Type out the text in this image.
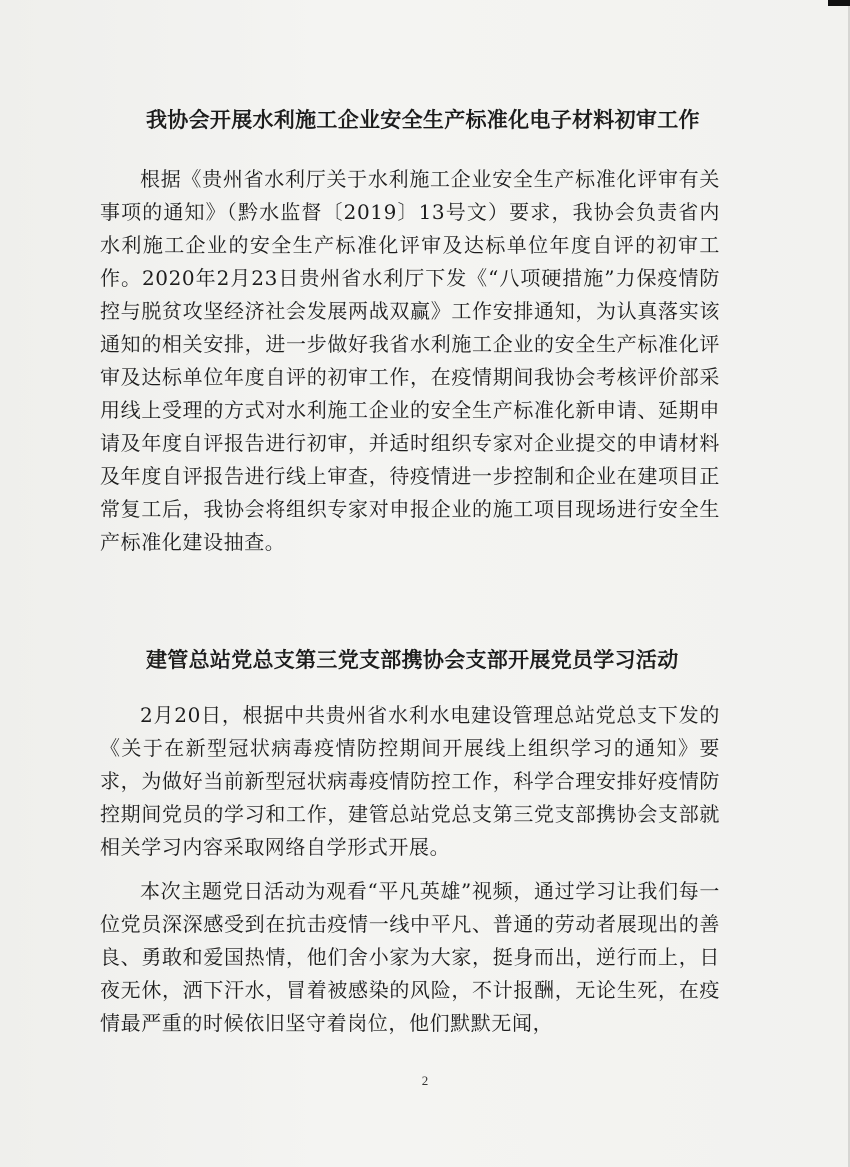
我协会开展水利施工企业安全生产标准化电子材料初审工作

根据《贵州省水利厅关于水利施工企业安全生产标准化评审有关事项的通知》（黔水监督〔2019〕13号文）要求，我协会负责省内水利施工企业的安全生产标准化评审及达标单位年度自评的初审工作。2020年2月23日贵州省水利厅下发《“八项硬措施”力保疫情防控与脱贫攻坚经济社会发展两战双赢》工作安排通知，为认真落实该通知的相关安排，进一步做好我省水利施工企业的安全生产标准化评审及达标单位年度自评的初审工作，在疫情期间我协会考核评价部采用线上受理的方式对水利施工企业的安全生产标准化新申请、延期申请及年度自评报告进行初审，并适时组织专家对企业提交的申请材料及年度自评报告进行线上审查，待疫情进一步控制和企业在建项目正常复工后，我协会将组织专家对申报企业的施工项目现场进行安全生产标准化建设抽查。

建管总站党总支第三党支部携协会支部开展党员学习活动

2月20日，根据中共贵州省水利水电建设管理总站党总支下发的《关于在新型冠状病毒疫情防控期间开展线上组织学习的通知》要求，为做好当前新型冠状病毒疫情防控工作，科学合理安排好疫情防控期间党员的学习和工作，建管总站党总支第三党支部携协会支部就相关学习内容采取网络自学形式开展。

本次主题党日活动为观看“平凡英雄”视频，通过学习让我们每一位党员深深感受到在抗击疫情一线中平凡、普通的劳动者展现出的善良、勇敢和爱国热情，他们舍小家为大家，挺身而出，逆行而上，日夜无休，洒下汗水，冒着被感染的风险，不计报酬，无论生死，在疫情最严重的时候依旧坚守着岗位，他们默默无闻，

2
